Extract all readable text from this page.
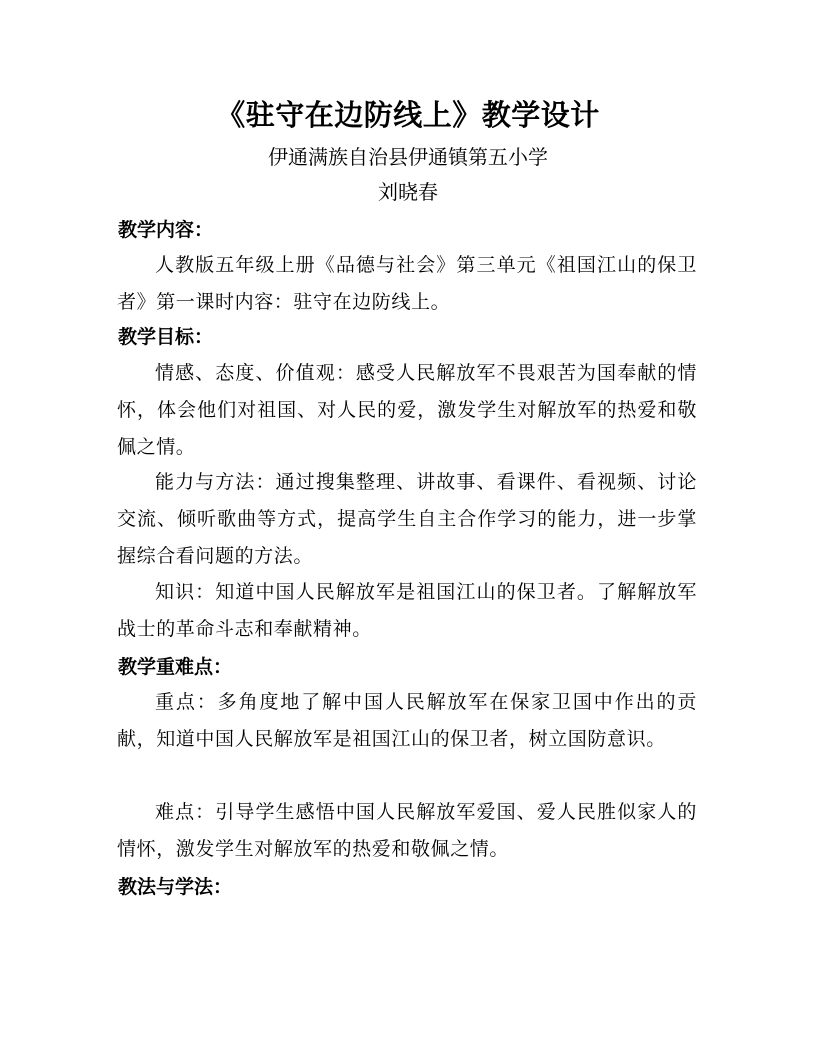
《驻守在边防线上》教学设计
伊通满族自治县伊通镇第五小学
刘晓春
教学内容：
人教版五年级上册《品德与社会》第三单元《祖国江山的保卫者》第一课时内容：驻守在边防线上。
教学目标：
情感、态度、价值观：感受人民解放军不畏艰苦为国奉献的情怀，体会他们对祖国、对人民的爱，激发学生对解放军的热爱和敬佩之情。
能力与方法：通过搜集整理、讲故事、看课件、看视频、讨论交流、倾听歌曲等方式，提高学生自主合作学习的能力，进一步掌握综合看问题的方法。
知识：知道中国人民解放军是祖国江山的保卫者。了解解放军战士的革命斗志和奉献精神。
教学重难点：
重点：多角度地了解中国人民解放军在保家卫国中作出的贡献，知道中国人民解放军是祖国江山的保卫者，树立国防意识。
难点：引导学生感悟中国人民解放军爱国、爱人民胜似家人的情怀，激发学生对解放军的热爱和敬佩之情。
教法与学法：
